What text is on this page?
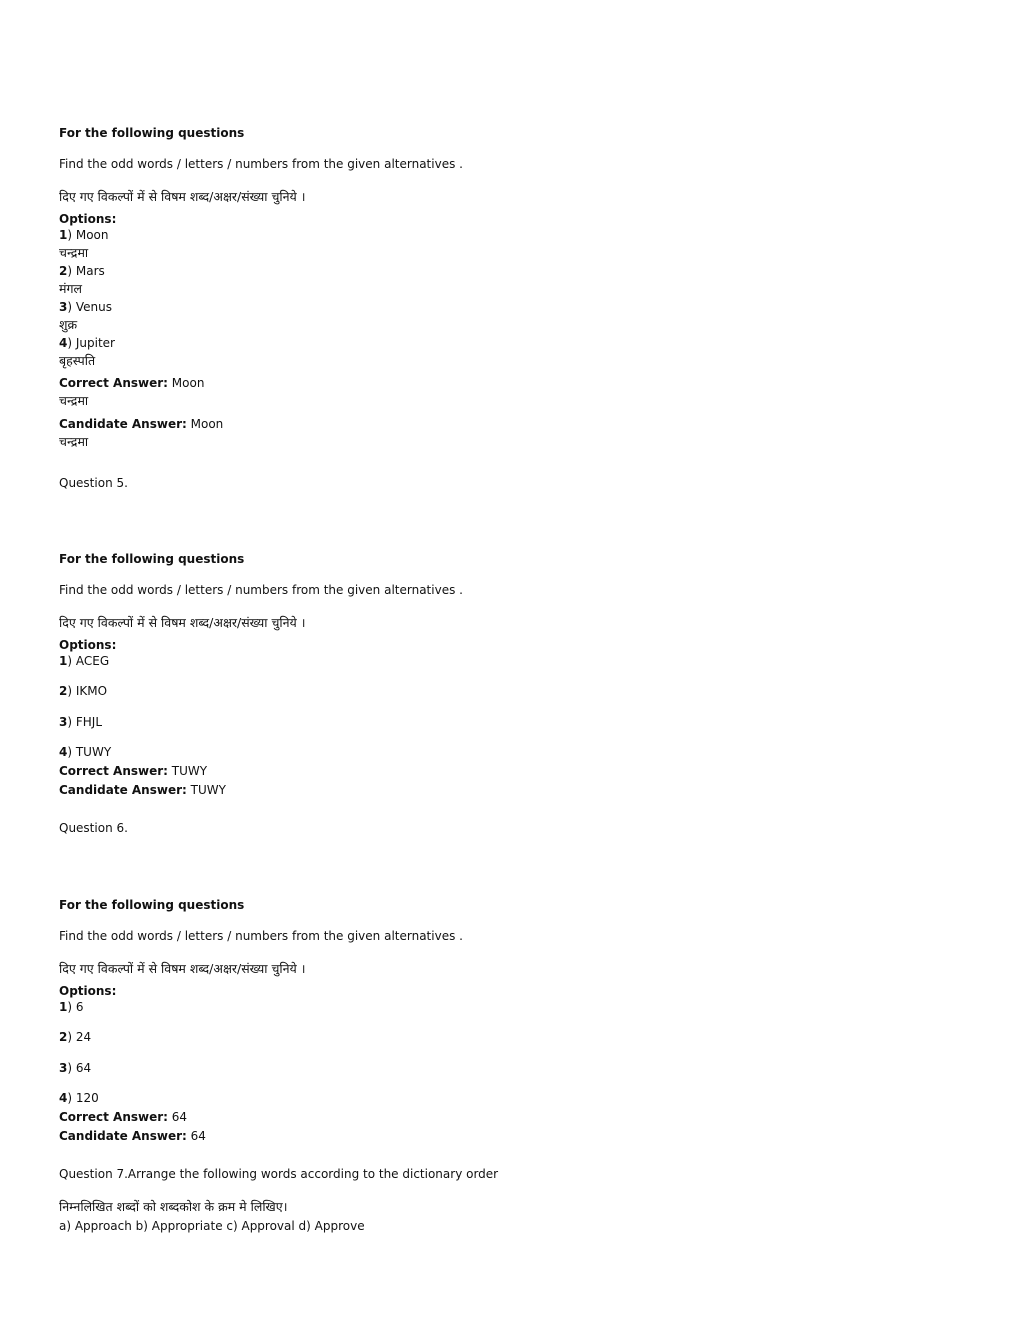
For the following questions
Find the odd words / letters / numbers from the given alternatives .
दिए गए विकल्पों में से विषम शब्द/अक्षर/संख्या चुनिये ।
Options:
1) Moon
चन्द्रमा
2) Mars
मंगल
3) Venus
शुक्र
4) Jupiter
बृहस्पति
Correct Answer: Moon
चन्द्रमा
Candidate Answer: Moon
चन्द्रमा
Question 5.
For the following questions
Find the odd words / letters / numbers from the given alternatives .
दिए गए विकल्पों में से विषम शब्द/अक्षर/संख्या चुनिये ।
Options:
1) ACEG
2) IKMO
3) FHJL
4) TUWY
Correct Answer: TUWY
Candidate Answer: TUWY
Question 6.
For the following questions
Find the odd words / letters / numbers from the given alternatives .
दिए गए विकल्पों में से विषम शब्द/अक्षर/संख्या चुनिये ।
Options:
1) 6
2) 24
3) 64
4) 120
Correct Answer: 64
Candidate Answer: 64
Question 7.Arrange the following words according to the dictionary order
निम्नलिखित शब्दों को शब्दकोश के क्रम मे लिखिए।
a) Approach b) Appropriate c) Approval d) Approve
